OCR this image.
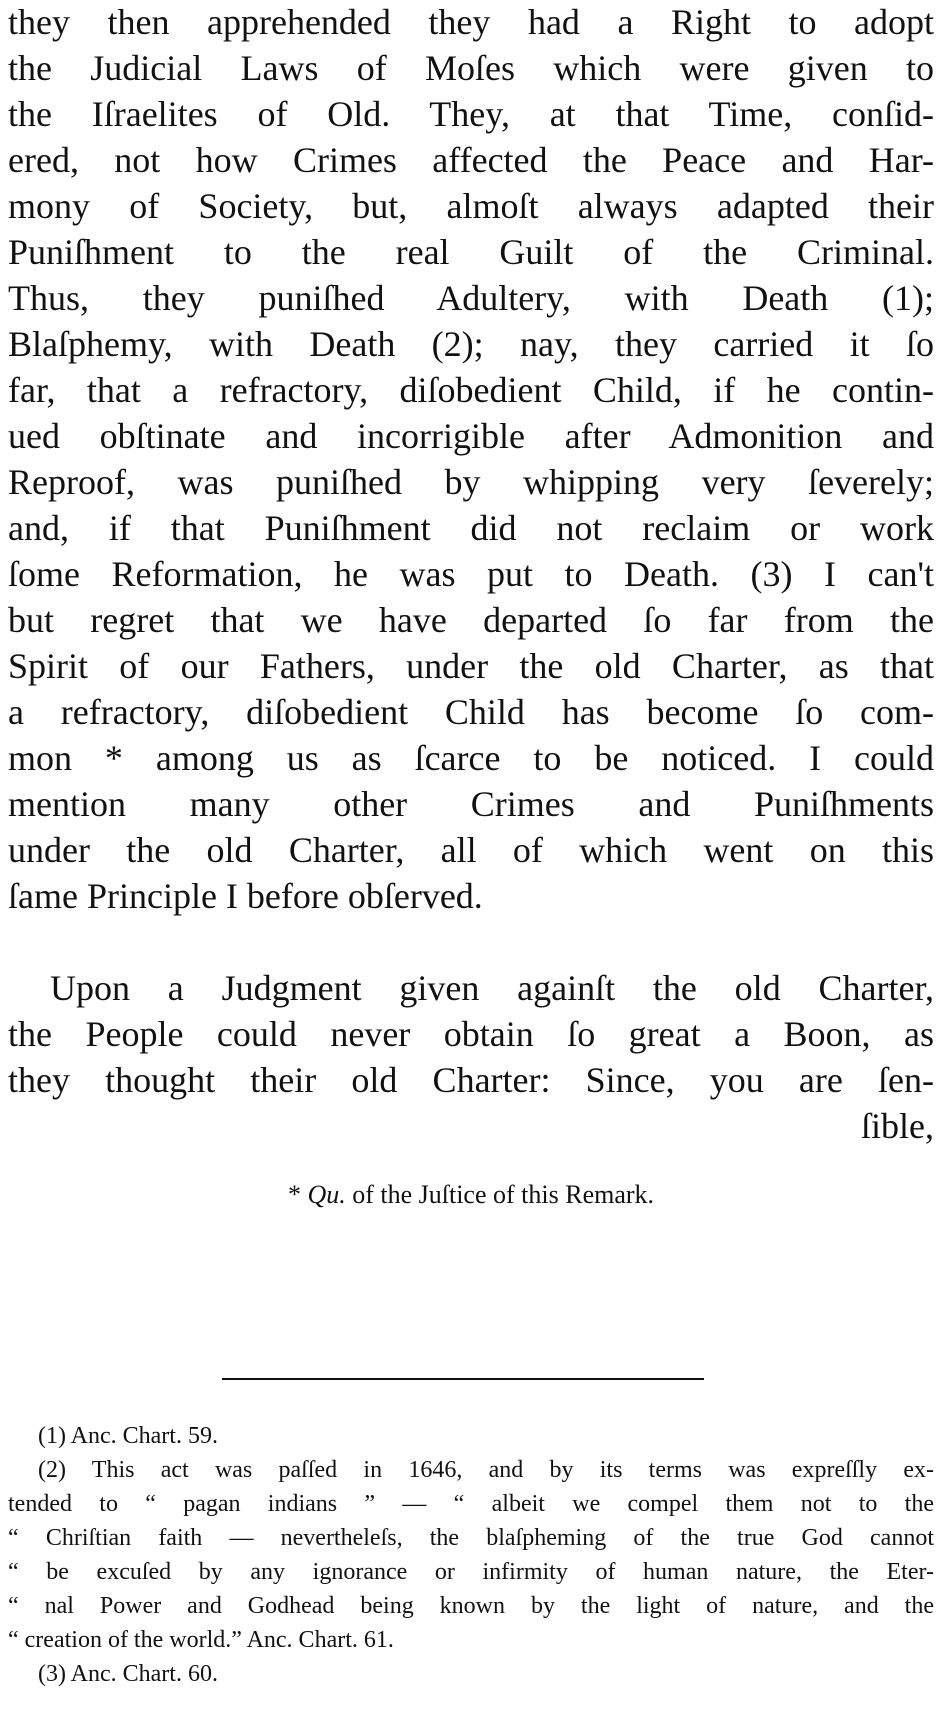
they then apprehended they had a Right to adopt
the Judicial Laws of Moſes which were given to
the Iſraelites of Old. They, at that Time, conſid-
ered, not how Crimes affected the Peace and Har-
mony of Society, but, almoſt always adapted their
Puniſhment to the real Guilt of the Criminal.
Thus, they puniſhed Adultery, with Death (1);
Blaſphemy, with Death (2); nay, they carried it ſo
far, that a refractory, diſobedient Child, if he contin-
ued obſtinate and incorrigible after Admonition and
Reproof, was puniſhed by whipping very ſeverely;
and, if that Puniſhment did not reclaim or work
ſome Reformation, he was put to Death. (3) I can't
but regret that we have departed ſo far from the
Spirit of our Fathers, under the old Charter, as that
a refractory, diſobedient Child has become ſo com-
mon * among us as ſcarce to be noticed. I could
mention many other Crimes and Puniſhments
under the old Charter, all of which went on this
ſame Principle I before obſerved.
Upon a Judgment given againſt the old Charter,
the People could never obtain ſo great a Boon, as
they thought their old Charter: Since, you are ſen-
ſible,
* Qu. of the Juſtice of this Remark.
(1) Anc. Chart. 59.
(2) This act was paſſed in 1646, and by its terms was expreſſly ex-
tended to “ pagan indians ” — “ albeit we compel them not to the
“ Chriſtian faith — neverthelеſs, the blaſpheming of the true God cannot
“ be excuſed by any ignorance or infirmity of human nature, the Eter-
“ nal Power and Godhead being known by the light of nature, and the
“ creation of the world.” Anc. Chart. 61.
(3) Anc. Chart. 60.
